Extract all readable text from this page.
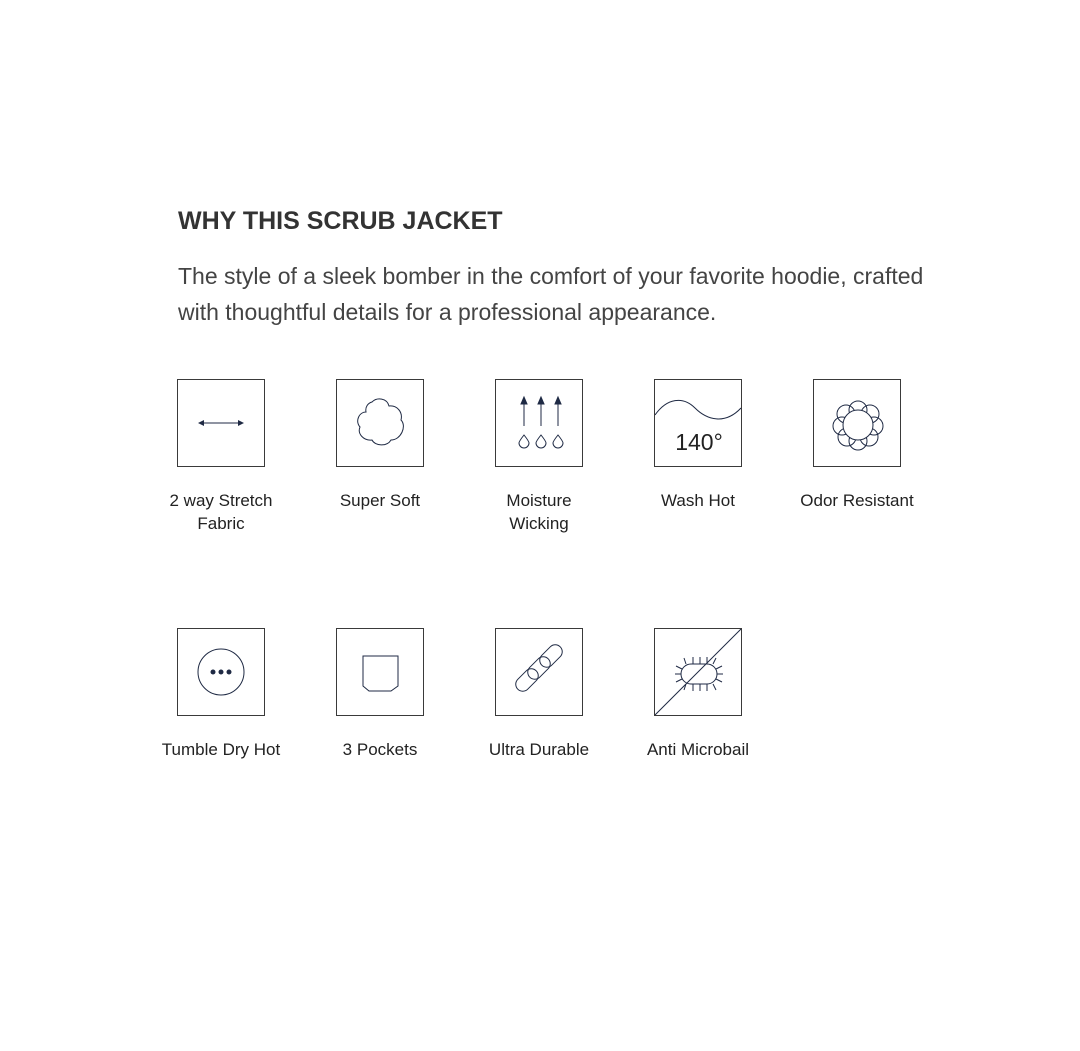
WHY THIS SCRUB JACKET

The style of a sleek bomber in the comfort of your favorite hoodie, crafted with thoughtful details for a professional appearance.

2 way Stretch Fabric
Super Soft	Moisture Wicking
140°
Wash Hot	Odor Resistant
Tumble Dry Hot	3 Pockets	Ultra Durable	Anti Microbail
